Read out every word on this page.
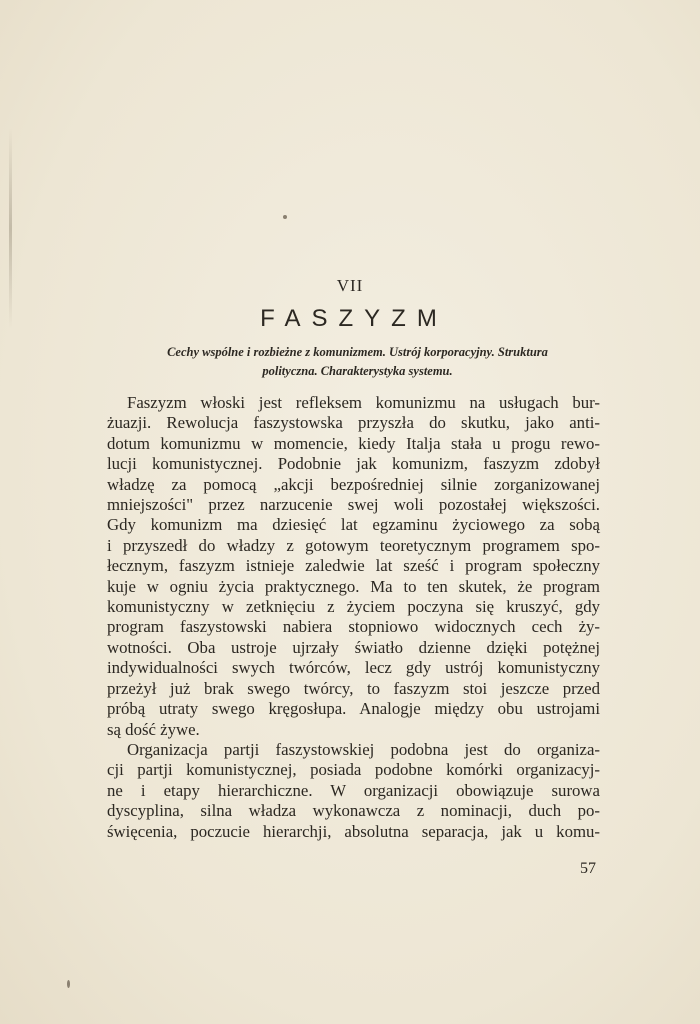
VII
FASZYZM
Cechy wspólne i rozbieżne z komunizmem. Ustrój korporacyjny. Struktura
polityczna. Charakterystyka systemu.
Faszyzm włoski jest refleksem komunizmu na usługach bur-
żuazji. Rewolucja faszystowska przyszła do skutku, jako anti-
dotum komunizmu w momencie, kiedy Italja stała u progu rewo-
lucji komunistycznej. Podobnie jak komunizm, faszyzm zdobył
władzę za pomocą „akcji bezpośredniej silnie zorganizowanej
mniejszości" przez narzucenie swej woli pozostałej większości.
Gdy komunizm ma dziesięć lat egzaminu życiowego za sobą
i przyszedł do władzy z gotowym teoretycznym programem spo-
łecznym, faszyzm istnieje zaledwie lat sześć i program społeczny
kuje w ogniu życia praktycznego. Ma to ten skutek, że program
komunistyczny w zetknięciu z życiem poczyna się kruszyć, gdy
program faszystowski nabiera stopniowo widocznych cech ży-
wotności. Oba ustroje ujrzały światło dzienne dzięki potężnej
indywidualności swych twórców, lecz gdy ustrój komunistyczny
przeżył już brak swego twórcy, to faszyzm stoi jeszcze przed
próbą utraty swego kręgosłupa. Analogje między obu ustrojami
są dość żywe.
Organizacja partji faszystowskiej podobna jest do organiza-
cji partji komunistycznej, posiada podobne komórki organizacyj-
ne i etapy hierarchiczne. W organizacji obowiązuje surowa
dyscyplina, silna władza wykonawcza z nominacji, duch po-
święcenia, poczucie hierarchji, absolutna separacja, jak u komu-
57
